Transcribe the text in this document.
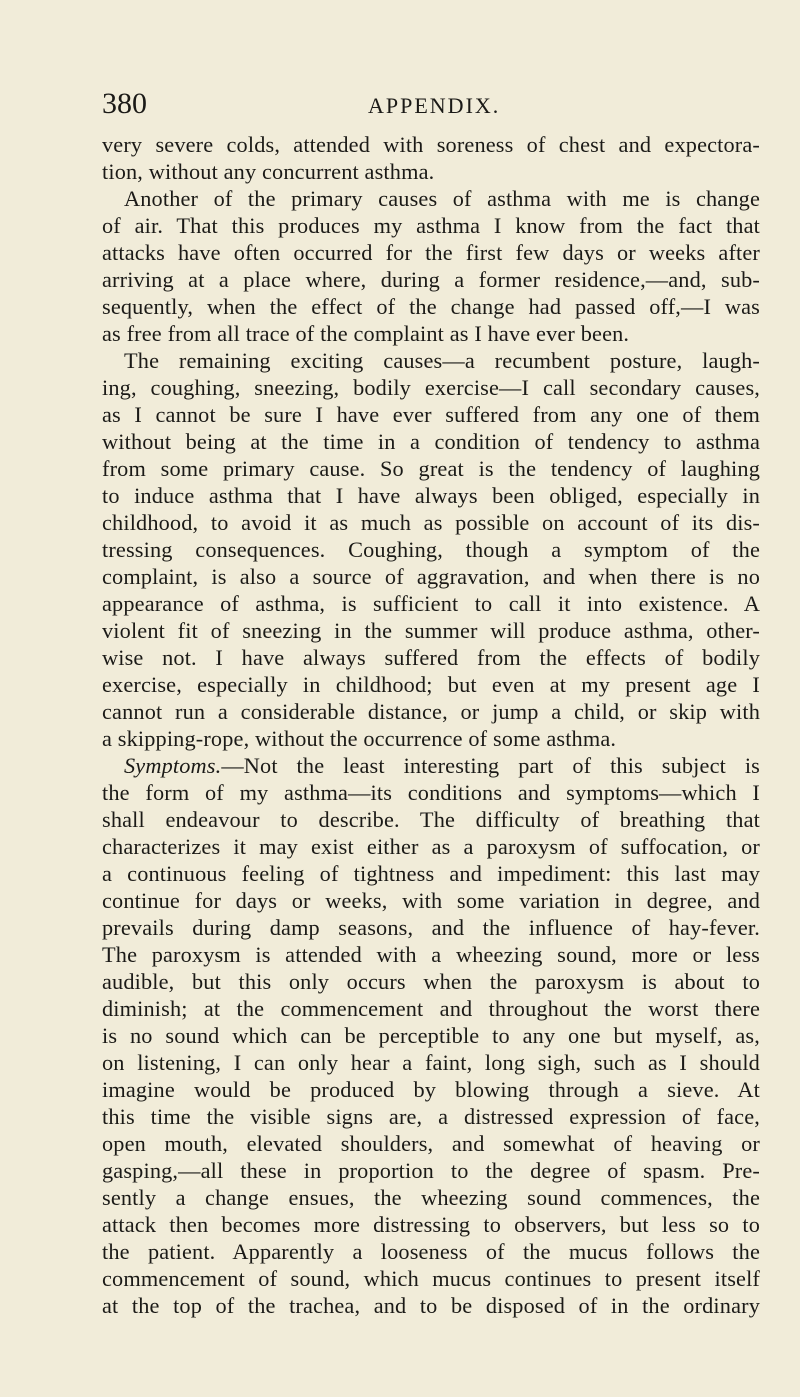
380	APPENDIX.
very severe colds, attended with soreness of chest and expectora-
tion, without any concurrent asthma.
Another of the primary causes of asthma with me is change
of air. That this produces my asthma I know from the fact that
attacks have often occurred for the first few days or weeks after
arriving at a place where, during a former residence,—and, sub-
sequently, when the effect of the change had passed off,—I was
as free from all trace of the complaint as I have ever been.
The remaining exciting causes—a recumbent posture, laugh-
ing, coughing, sneezing, bodily exercise—I call secondary causes,
as I cannot be sure I have ever suffered from any one of them
without being at the time in a condition of tendency to asthma
from some primary cause. So great is the tendency of laughing
to induce asthma that I have always been obliged, especially in
childhood, to avoid it as much as possible on account of its dis-
tressing consequences. Coughing, though a symptom of the
complaint, is also a source of aggravation, and when there is no
appearance of asthma, is sufficient to call it into existence. A
violent fit of sneezing in the summer will produce asthma, other-
wise not. I have always suffered from the effects of bodily
exercise, especially in childhood; but even at my present age I
cannot run a considerable distance, or jump a child, or skip with
a skipping-rope, without the occurrence of some asthma.
Symptoms.—Not the least interesting part of this subject is
the form of my asthma—its conditions and symptoms—which I
shall endeavour to describe. The difficulty of breathing that
characterizes it may exist either as a paroxysm of suffocation, or
a continuous feeling of tightness and impediment: this last may
continue for days or weeks, with some variation in degree, and
prevails during damp seasons, and the influence of hay-fever.
The paroxysm is attended with a wheezing sound, more or less
audible, but this only occurs when the paroxysm is about to
diminish; at the commencement and throughout the worst there
is no sound which can be perceptible to any one but myself, as,
on listening, I can only hear a faint, long sigh, such as I should
imagine would be produced by blowing through a sieve. At
this time the visible signs are, a distressed expression of face,
open mouth, elevated shoulders, and somewhat of heaving or
gasping,—all these in proportion to the degree of spasm. Pre-
sently a change ensues, the wheezing sound commences, the
attack then becomes more distressing to observers, but less so to
the patient. Apparently a looseness of the mucus follows the
commencement of sound, which mucus continues to present itself
at the top of the trachea, and to be disposed of in the ordinary
